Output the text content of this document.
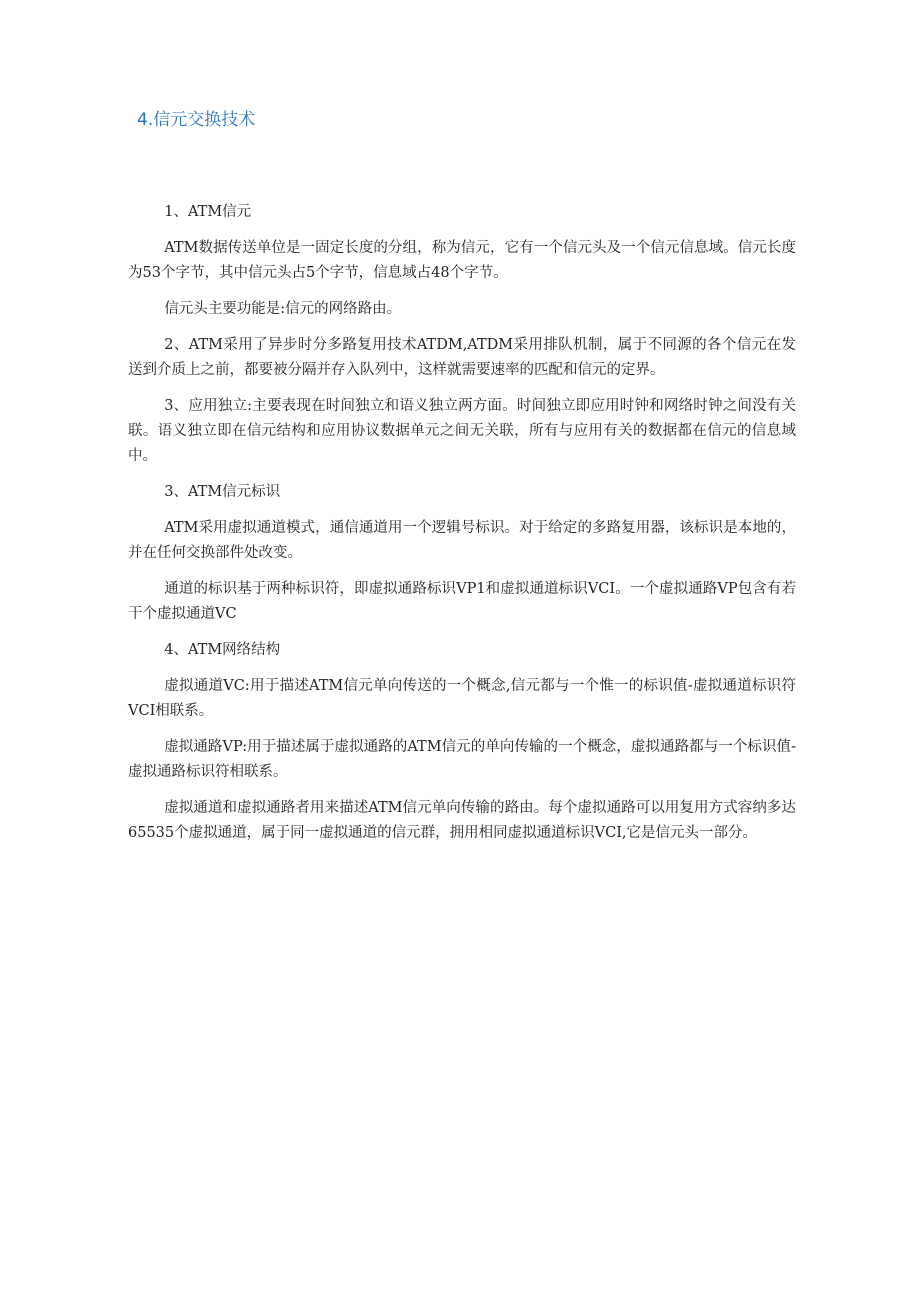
4.信元交换技术

1、ATM信元

ATM数据传送单位是一固定长度的分组，称为信元，它有一个信元头及一个信元信息域。信元长度为53个字节，其中信元头占5个字节，信息域占48个字节。

信元头主要功能是:信元的网络路由。

2、ATM采用了异步时分多路复用技术ATDM,ATDM采用排队机制，属于不同源的各个信元在发送到介质上之前，都要被分隔并存入队列中，这样就需要速率的匹配和信元的定界。

3、应用独立:主要表现在时间独立和语义独立两方面。时间独立即应用时钟和网络时钟之间没有关联。语义独立即在信元结构和应用协议数据单元之间无关联，所有与应用有关的数据都在信元的信息域中。

3、ATM信元标识

ATM采用虚拟通道模式，通信通道用一个逻辑号标识。对于给定的多路复用器，该标识是本地的，并在任何交换部件处改变。

通道的标识基于两种标识符，即虚拟通路标识VP1和虚拟通道标识VCI。一个虚拟通路VP包含有若干个虚拟通道VC

4、ATM网络结构

虚拟通道VC:用于描述ATM信元单向传送的一个概念,信元都与一个惟一的标识值-虚拟通道标识符VCI相联系。

虚拟通路VP:用于描述属于虚拟通路的ATM信元的单向传输的一个概念，虚拟通路都与一个标识值-虚拟通路标识符相联系。

虚拟通道和虚拟通路者用来描述ATM信元单向传输的路由。每个虚拟通路可以用复用方式容纳多达65535个虚拟通道，属于同一虚拟通道的信元群，拥用相同虚拟通道标识VCI,它是信元头一部分。
